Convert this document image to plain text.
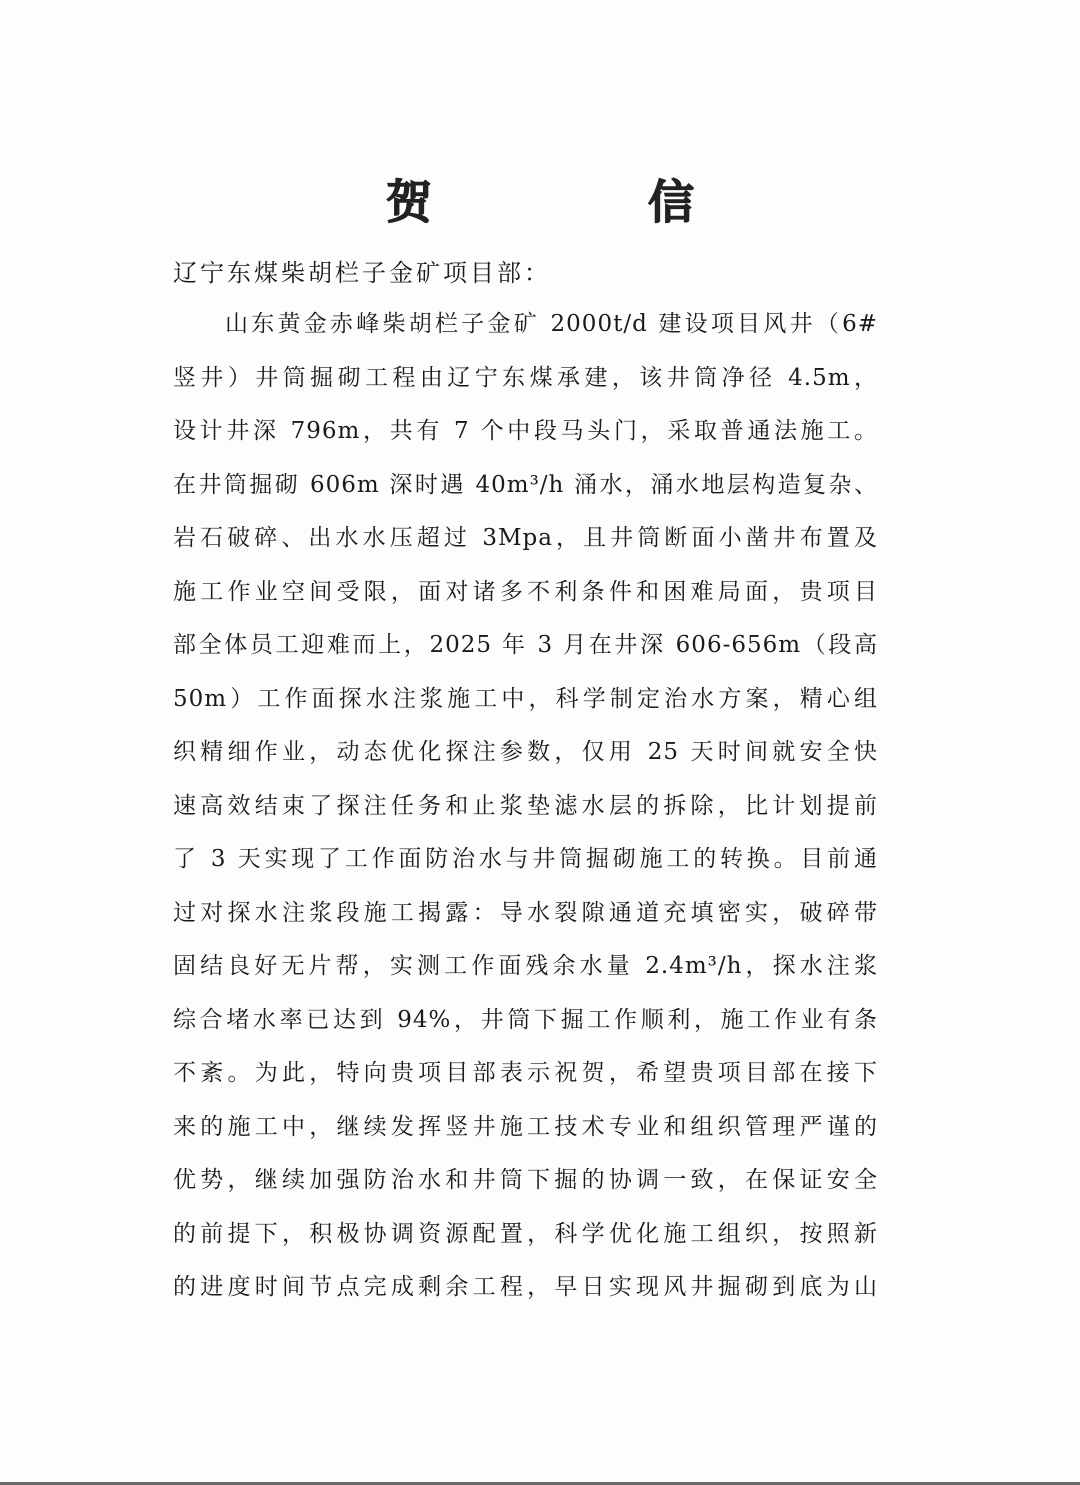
贺 信
辽宁东煤柴胡栏子金矿项目部：
山东黄金赤峰柴胡栏子金矿 2000t/d 建设项目风井（6#
竖井）井筒掘砌工程由辽宁东煤承建，该井筒净径 4.5m，
设计井深 796m，共有 7 个中段马头门，采取普通法施工。
在井筒掘砌 606m 深时遇 40m³/h 涌水，涌水地层构造复杂、
岩石破碎、出水水压超过 3Mpa，且井筒断面小凿井布置及
施工作业空间受限，面对诸多不利条件和困难局面，贵项目
部全体员工迎难而上，2025 年 3 月在井深 606-656m（段高
50m）工作面探水注浆施工中，科学制定治水方案，精心组
织精细作业，动态优化探注参数，仅用 25 天时间就安全快
速高效结束了探注任务和止浆垫滤水层的拆除，比计划提前
了 3 天实现了工作面防治水与井筒掘砌施工的转换。目前通
过对探水注浆段施工揭露：导水裂隙通道充填密实，破碎带
固结良好无片帮，实测工作面残余水量 2.4m³/h，探水注浆
综合堵水率已达到 94%，井筒下掘工作顺利，施工作业有条
不紊。为此，特向贵项目部表示祝贺，希望贵项目部在接下
来的施工中，继续发挥竖井施工技术专业和组织管理严谨的
优势，继续加强防治水和井筒下掘的协调一致，在保证安全
的前提下，积极协调资源配置，科学优化施工组织，按照新
的进度时间节点完成剩余工程，早日实现风井掘砌到底为山
